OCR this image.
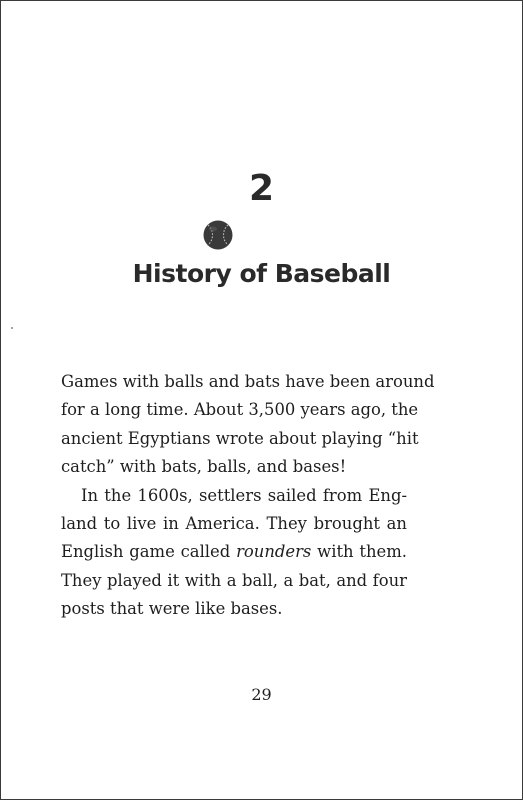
2
History of Baseball
Games with balls and bats have been around
for a long time. About 3,500 years ago, the
ancient Egyptians wrote about playing “hit
catch” with bats, balls, and bases!
In the 1600s, settlers sailed from Eng-
land to live in America. They brought an
English game called rounders with them.
They played it with a ball, a bat, and four
posts that were like bases.
29
